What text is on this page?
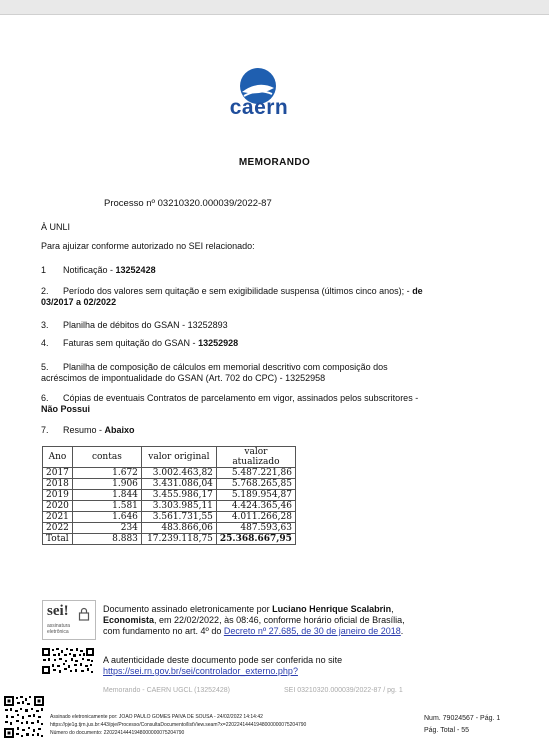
caern
MEMORANDO
Processo nº 03210320.000039/2022-87
À UNLI
Para ajuizar conforme autorizado no SEI relacionado:
1 Notificação - 13252428
2. Período dos valores sem quitação e sem exigibilidade suspensa (últimos cinco anos); - de
03/2017 a 02/2022
3. Planilha de débitos do GSAN - 13252893
4. Faturas sem quitação do GSAN - 13252928
5. Planilha de composição de cálculos em memorial descritivo com composição dos
acréscimos de impontualidade do GSAN (Art. 702 do CPC) - 13252958
6. Cópias de eventuais Contratos de parcelamento em vigor, assinados pelos subscritores -
Não Possui
7. Resumo - Abaixo
Ano	contas	valor original	valor atualizado
2017	1.672	3.002.463,82	5.487.221,86
2018	1.906	3.431.086,04	5.768.265,85
2019	1.844	3.455.986,17	5.189.954,87
2020	1.581	3.303.985,11	4.424.365,46
2021	1.646	3.561.731,55	4.011.266,28
2022	234	483.866,06	487.593,63
Total	8.883	17.239.118,75	25.368.667,95
sei!
assinatura
eletrônica
Documento assinado eletronicamente por Luciano Henrique Scalabrin,
Economista, em 22/02/2022, às 08:46, conforme horário oficial de Brasília,
com fundamento no art. 4º do Decreto nº 27.685, de 30 de janeiro de 2018.
A autenticidade deste documento pode ser conferida no site
https://sei.rn.gov.br/sei/controlador_externo.php?
Memorando - CAERN UGCL (13252428)	SEI 03210320.000039/2022-87 / pg. 1
Assinado eletronicamente por: JOAO PAULO GOMES PAIVA DE SOUSA - 24/02/2022 14:14:42
https://pje1g.tjrn.jus.br:443/pje/Processo/ConsultaDocumento/listView.seam?x=22022414441948000000075204790
Número do documento: 22022414441948000000075204790
Num. 79024567 - Pág. 1
Pág. Total - 55
